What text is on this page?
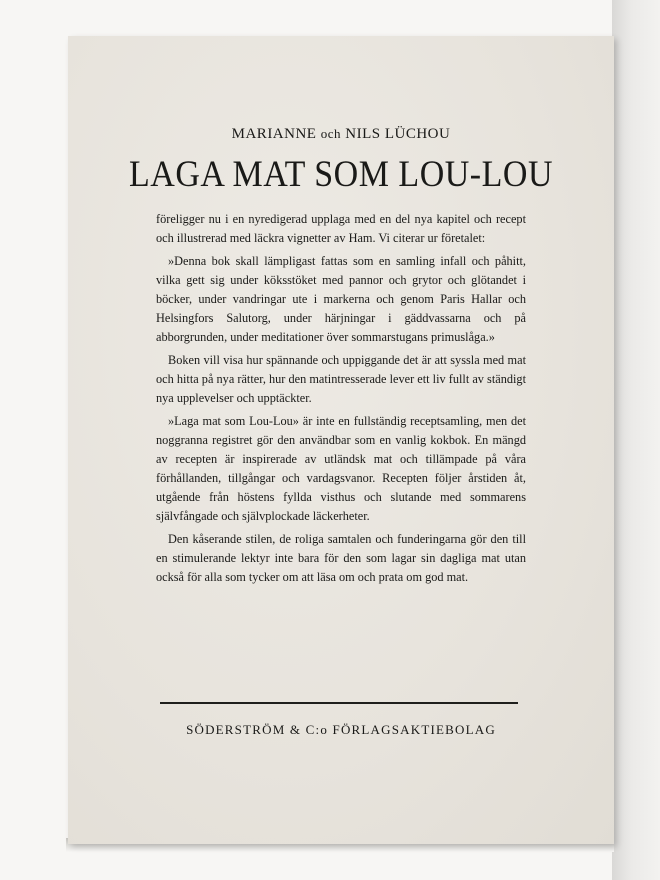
MARIANNE och NILS LÜCHOU

LAGA MAT SOM LOU-LOU

föreligger nu i en nyredigerad upplaga med en del nya kapitel och recept och illustrerad med läckra vignetter av Ham. Vi citerar ur företalet:

»Denna bok skall lämpligast fattas som en samling infall och påhitt, vilka gett sig under köksstöket med pannor och grytor och glötandet i böcker, under vandringar ute i markerna och genom Paris Hallar och Helsingfors Salutorg, under härjningar i gäddvassarna och på abborgrunden, under meditationer över sommarstugans primuslåga.»

Boken vill visa hur spännande och uppiggande det är att syssla med mat och hitta på nya rätter, hur den matintresserade lever ett liv fullt av ständigt nya upplevelser och upptäckter.

»Laga mat som Lou-Lou» är inte en fullständig receptsamling, men det noggranna registret gör den användbar som en vanlig kokbok. En mängd av recepten är inspirerade av utländsk mat och tillämpade på våra förhållanden, tillgångar och vardagsvanor. Recepten följer årstiden åt, utgående från höstens fyllda visthus och slutande med sommarens självfångade och självplockade läckerheter.

Den kåserande stilen, de roliga samtalen och funderingarna gör den till en stimulerande lektyr inte bara för den som lagar sin dagliga mat utan också för alla som tycker om att läsa om och prata om god mat.

SÖDERSTRÖM & C:o FÖRLAGSAKTIEBOLAG
